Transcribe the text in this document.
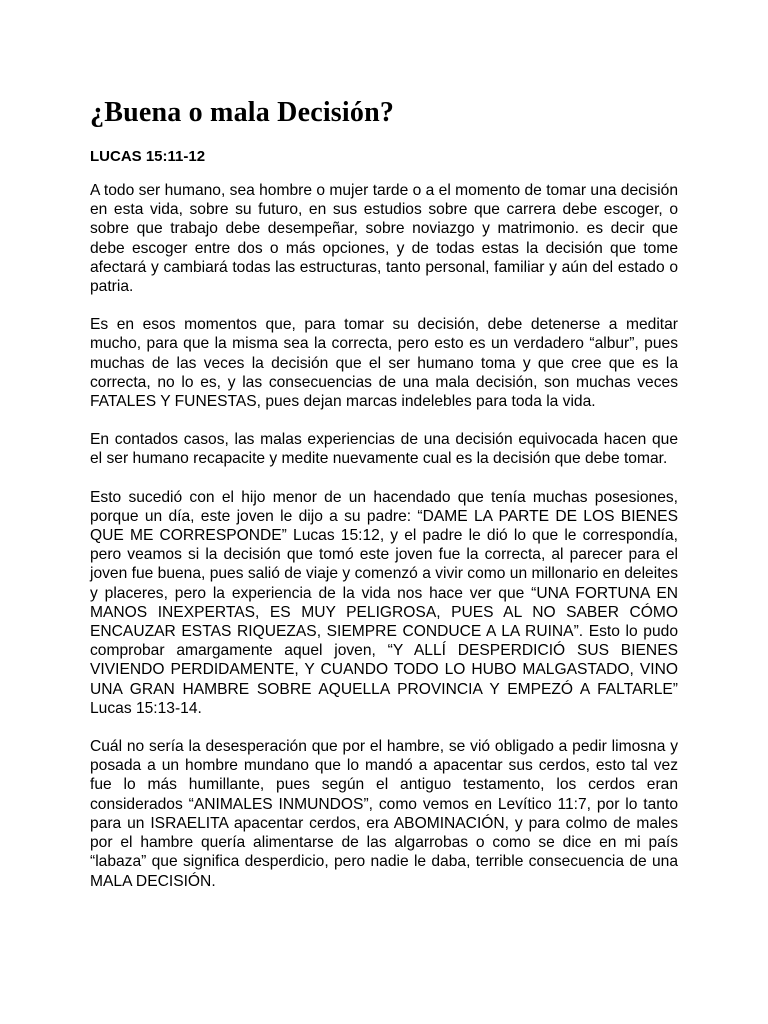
¿Buena o mala Decisión?
LUCAS 15:11-12

A todo ser humano, sea hombre o mujer tarde o a el momento de tomar una decisión en esta vida, sobre su futuro, en sus estudios sobre que carrera debe escoger, o sobre que trabajo debe desempeñar, sobre noviazgo y matrimonio. es decir que debe escoger entre dos o más opciones, y de todas estas la decisión que tome afectará y cambiará todas las estructuras, tanto personal, familiar y aún del estado o patria.

Es en esos momentos que, para tomar su decisión, debe detenerse a meditar mucho, para que la misma sea la correcta, pero esto es un verdadero “albur”, pues muchas de las veces la decisión que el ser humano toma y que cree que es la correcta, no lo es, y las consecuencias de una mala decisión, son muchas veces FATALES Y FUNESTAS, pues dejan marcas indelebles para toda la vida.

En contados casos, las malas experiencias de una decisión equivocada hacen que el ser humano recapacite y medite nuevamente cual es la decisión que debe tomar.

Esto sucedió con el hijo menor de un hacendado que tenía muchas posesiones, porque un día, este joven le dijo a su padre: “DAME LA PARTE DE LOS BIENES QUE ME CORRESPONDE” Lucas 15:12, y el padre le dió lo que le correspondía, pero veamos si la decisión que tomó este joven fue la correcta, al parecer para el joven fue buena, pues salió de viaje y comenzó a vivir como un millonario en deleites y placeres, pero la experiencia de la vida nos hace ver que “UNA FORTUNA EN MANOS INEXPERTAS, ES MUY PELIGROSA, PUES AL NO SABER CÓMO ENCAUZAR ESTAS RIQUEZAS, SIEMPRE CONDUCE A LA RUINA”. Esto lo pudo comprobar amargamente aquel joven, “Y ALLÍ DESPERDICIÓ SUS BIENES VIVIENDO PERDIDAMENTE, Y CUANDO TODO LO HUBO MALGASTADO, VINO UNA GRAN HAMBRE SOBRE AQUELLA PROVINCIA Y EMPEZÓ A FALTARLE” Lucas 15:13-14.

Cuál no sería la desesperación que por el hambre, se vió obligado a pedir limosna y posada a un hombre mundano que lo mandó a apacentar sus cerdos, esto tal vez fue lo más humillante, pues según el antiguo testamento, los cerdos eran considerados “ANIMALES INMUNDOS”, como vemos en Levítico 11:7, por lo tanto para un ISRAELITA apacentar cerdos, era ABOMINACIÓN, y para colmo de males por el hambre quería alimentarse de las algarrobas o como se dice en mi país “labaza” que significa desperdicio, pero nadie le daba, terrible consecuencia de una MALA DECISIÓN.
